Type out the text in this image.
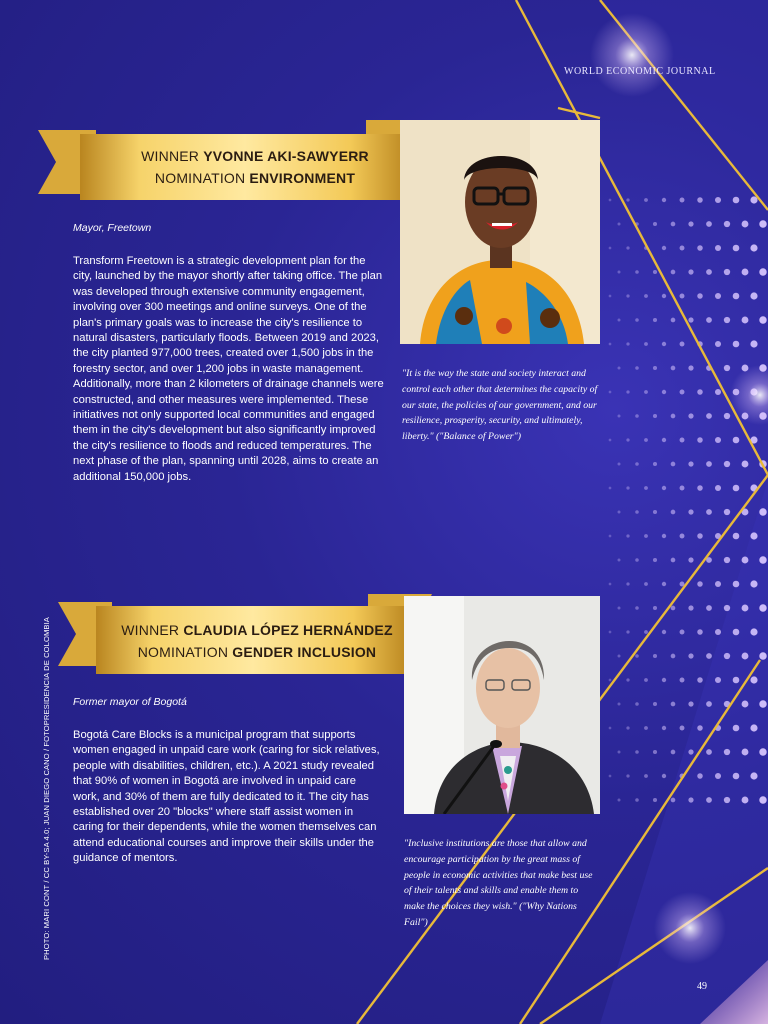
WORLD ECONOMIC JOURNAL
WINNER YVONNE AKI-SAWYERR
NOMINATION ENVIRONMENT
Mayor, Freetown

Transform Freetown is a strategic development plan for the city, launched by the mayor shortly after taking office. The plan was developed through extensive community engagement, involving over 300 meetings and online surveys. One of the plan's primary goals was to increase the city's resilience to natural disasters, particularly floods. Between 2019 and 2023, the city planted 977,000 trees, created over 1,500 jobs in the forestry sector, and over 1,200 jobs in waste management. Additionally, more than 2 kilometers of drainage channels were constructed, and other measures were implemented. These initiatives not only supported local communities and engaged them in the city's development but also significantly improved the city's resilience to floods and reduced temperatures. The next phase of the plan, spanning until 2028, aims to create an additional 150,000 jobs.

"It is the way the state and society interact and control each other that determines the capacity of our state, the policies of our government, and our resilience, prosperity, security, and ultimately, liberty." ("Balance of Power")

WINNER CLAUDIA LÓPEZ HERNÁNDEZ
NOMINATION GENDER INCLUSION
Former mayor of Bogotá

Bogotá Care Blocks is a municipal program that supports women engaged in unpaid care work (caring for sick relatives, people with disabilities, children, etc.). A 2021 study revealed that 90% of women in Bogotá are involved in unpaid care work, and 30% of them are fully dedicated to it. The city has established over 20 "blocks" where staff assist women in caring for their dependents, while the women themselves can attend educational courses and improve their skills under the guidance of mentors.

"Inclusive institutions are those that allow and encourage participation by the great mass of people in economic activities that make best use of their talents and skills and enable them to make the choices they wish." ("Why Nations Fail")

PHOTO: MARI CONT / CC BY-SA 4.0; JUAN DIEGO CANO / FOTOPRESIDENCIA DE COLOMBIA
49
